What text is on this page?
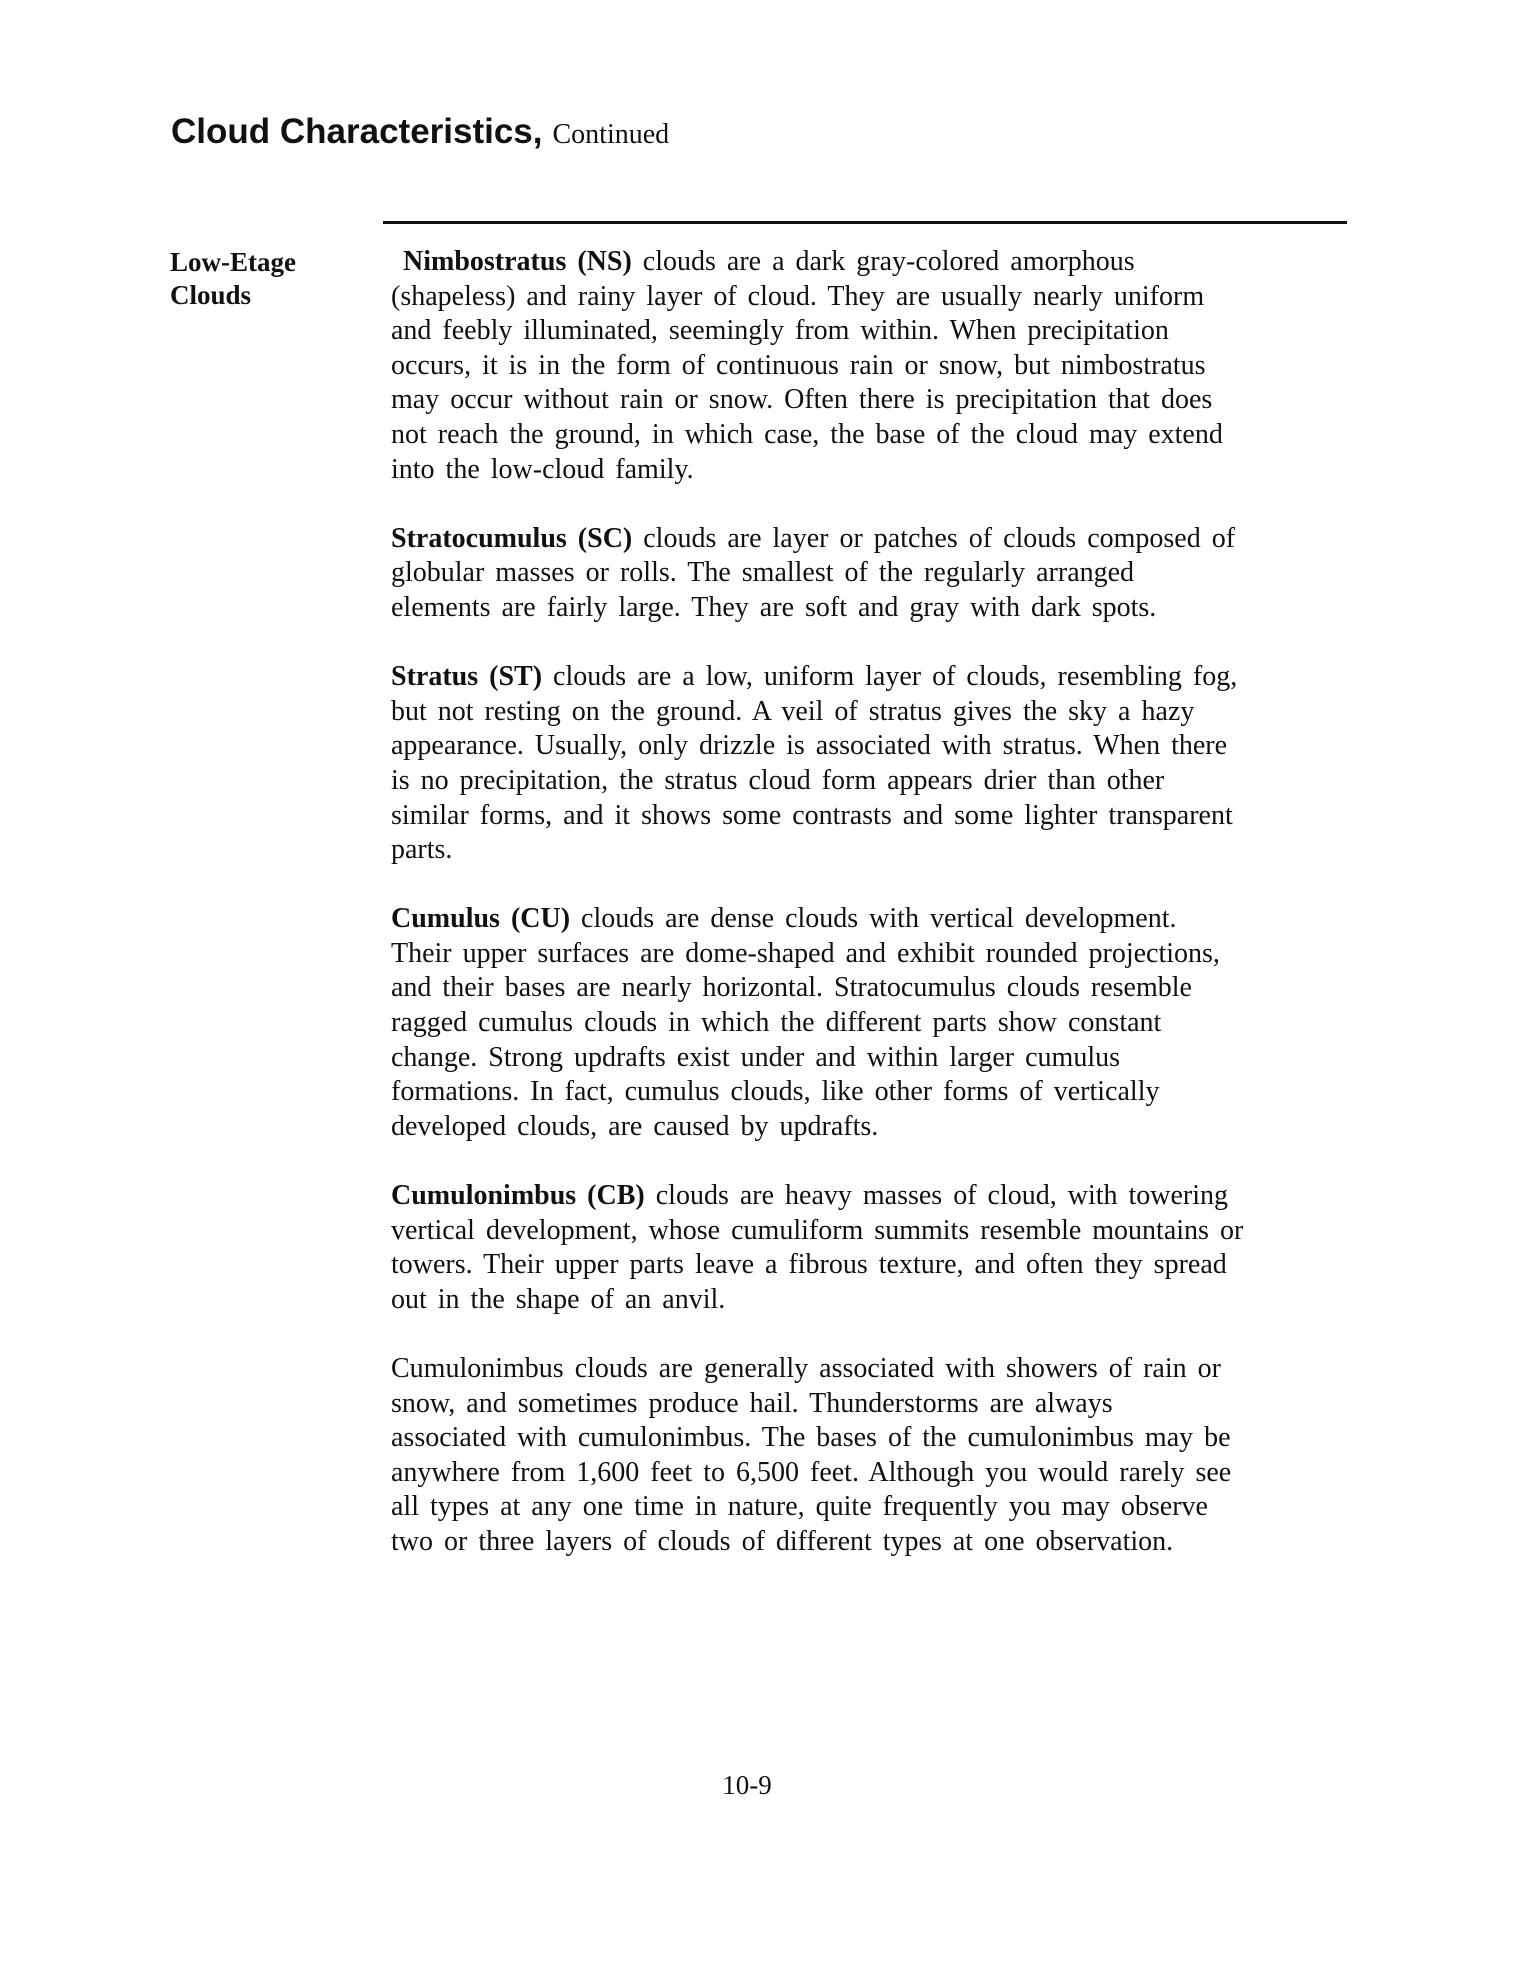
Cloud Characteristics, Continued
Low-Etage
Clouds
Nimbostratus (NS) clouds are a dark gray-colored amorphous
(shapeless) and rainy layer of cloud. They are usually nearly uniform
and feebly illuminated, seemingly from within. When precipitation
occurs, it is in the form of continuous rain or snow, but nimbostratus
may occur without rain or snow. Often there is precipitation that does
not reach the ground, in which case, the base of the cloud may extend
into the low-cloud family.
Stratocumulus (SC) clouds are layer or patches of clouds composed of
globular masses or rolls. The smallest of the regularly arranged
elements are fairly large. They are soft and gray with dark spots.
Stratus (ST) clouds are a low, uniform layer of clouds, resembling fog,
but not resting on the ground. A veil of stratus gives the sky a hazy
appearance. Usually, only drizzle is associated with stratus. When there
is no precipitation, the stratus cloud form appears drier than other
similar forms, and it shows some contrasts and some lighter transparent
parts.
Cumulus (CU) clouds are dense clouds with vertical development.
Their upper surfaces are dome-shaped and exhibit rounded projections,
and their bases are nearly horizontal. Stratocumulus clouds resemble
ragged cumulus clouds in which the different parts show constant
change. Strong updrafts exist under and within larger cumulus
formations. In fact, cumulus clouds, like other forms of vertically
developed clouds, are caused by updrafts.
Cumulonimbus (CB) clouds are heavy masses of cloud, with towering
vertical development, whose cumuliform summits resemble mountains or
towers. Their upper parts leave a fibrous texture, and often they spread
out in the shape of an anvil.
Cumulonimbus clouds are generally associated with showers of rain or
snow, and sometimes produce hail. Thunderstorms are always
associated with cumulonimbus. The bases of the cumulonimbus may be
anywhere from 1,600 feet to 6,500 feet. Although you would rarely see
all types at any one time in nature, quite frequently you may observe
two or three layers of clouds of different types at one observation.
10-9
